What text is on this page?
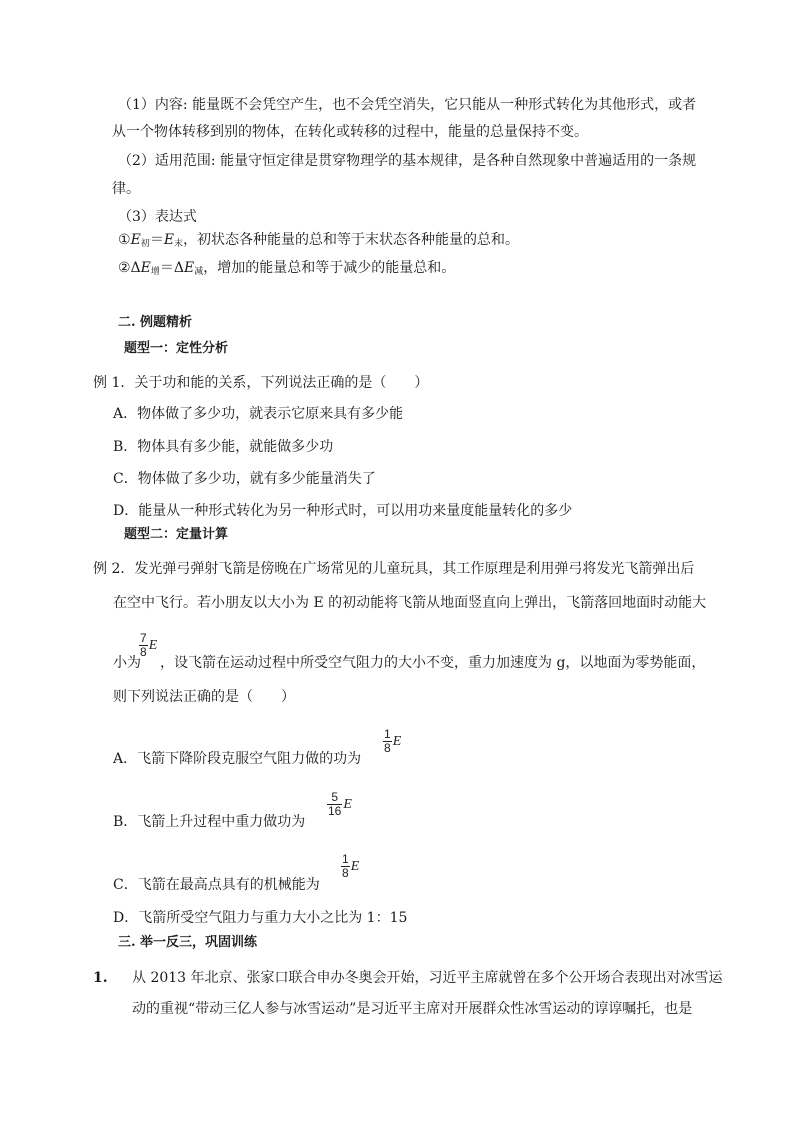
（1）内容: 能量既不会凭空产生，也不会凭空消失，它只能从一种形式转化为其他形式，或者
从一个物体转移到别的物体，在转化或转移的过程中，能量的总量保持不变。
（2）适用范围: 能量守恒定律是贯穿物理学的基本规律，是各种自然现象中普遍适用的一条规
律。
（3）表达式
$①E_初=E_末$，初状态各种能量的总和等于末状态各种能量的总和。
$②\Delta E_增=\Delta E_减$，增加的能量总和等于减少的能量总和。
二. 例题精析
题型一：定性分析
例 1．关于功和能的关系，下列说法正确的是（　　）
A．物体做了多少功，就表示它原来具有多少能
B．物体具有多少能，就能做多少功
C．物体做了多少功，就有多少能量消失了
D．能量从一种形式转化为另一种形式时，可以用功来量度能量转化的多少
题型二：定量计算
例 2．发光弹弓弹射飞箭是傍晚在广场常见的儿童玩具，其工作原理是利用弹弓将发光飞箭弹出后
在空中飞行。若小朋友以大小为 E 的初动能将飞箭从地面竖直向上弹出，飞箭落回地面时动能大
小为
$\frac{7}{8}$ E
，设飞箭在运动过程中所受空气阻力的大小不变，重力加速度为 g，以地面为零势能面，
则下列说法正确的是（　　）
A．飞箭下降阶段克服空气阻力做的功为
$\frac{1}{8}$ E
B．飞箭上升过程中重力做功为
$\frac{5}{16}$ E
C．飞箭在最高点具有的机械能为
$\frac{1}{8}$ E
D．飞箭所受空气阻力与重力大小之比为 1：15
三. 举一反三，巩固训练
1. 从 2013 年北京、张家口联合申办冬奥会开始，习近平主席就曾在多个公开场合表现出对冰雪运
动的重视“带动三亿人参与冰雪运动”是习近平主席对开展群众性冰雪运动的谆谆嘱托，也是
